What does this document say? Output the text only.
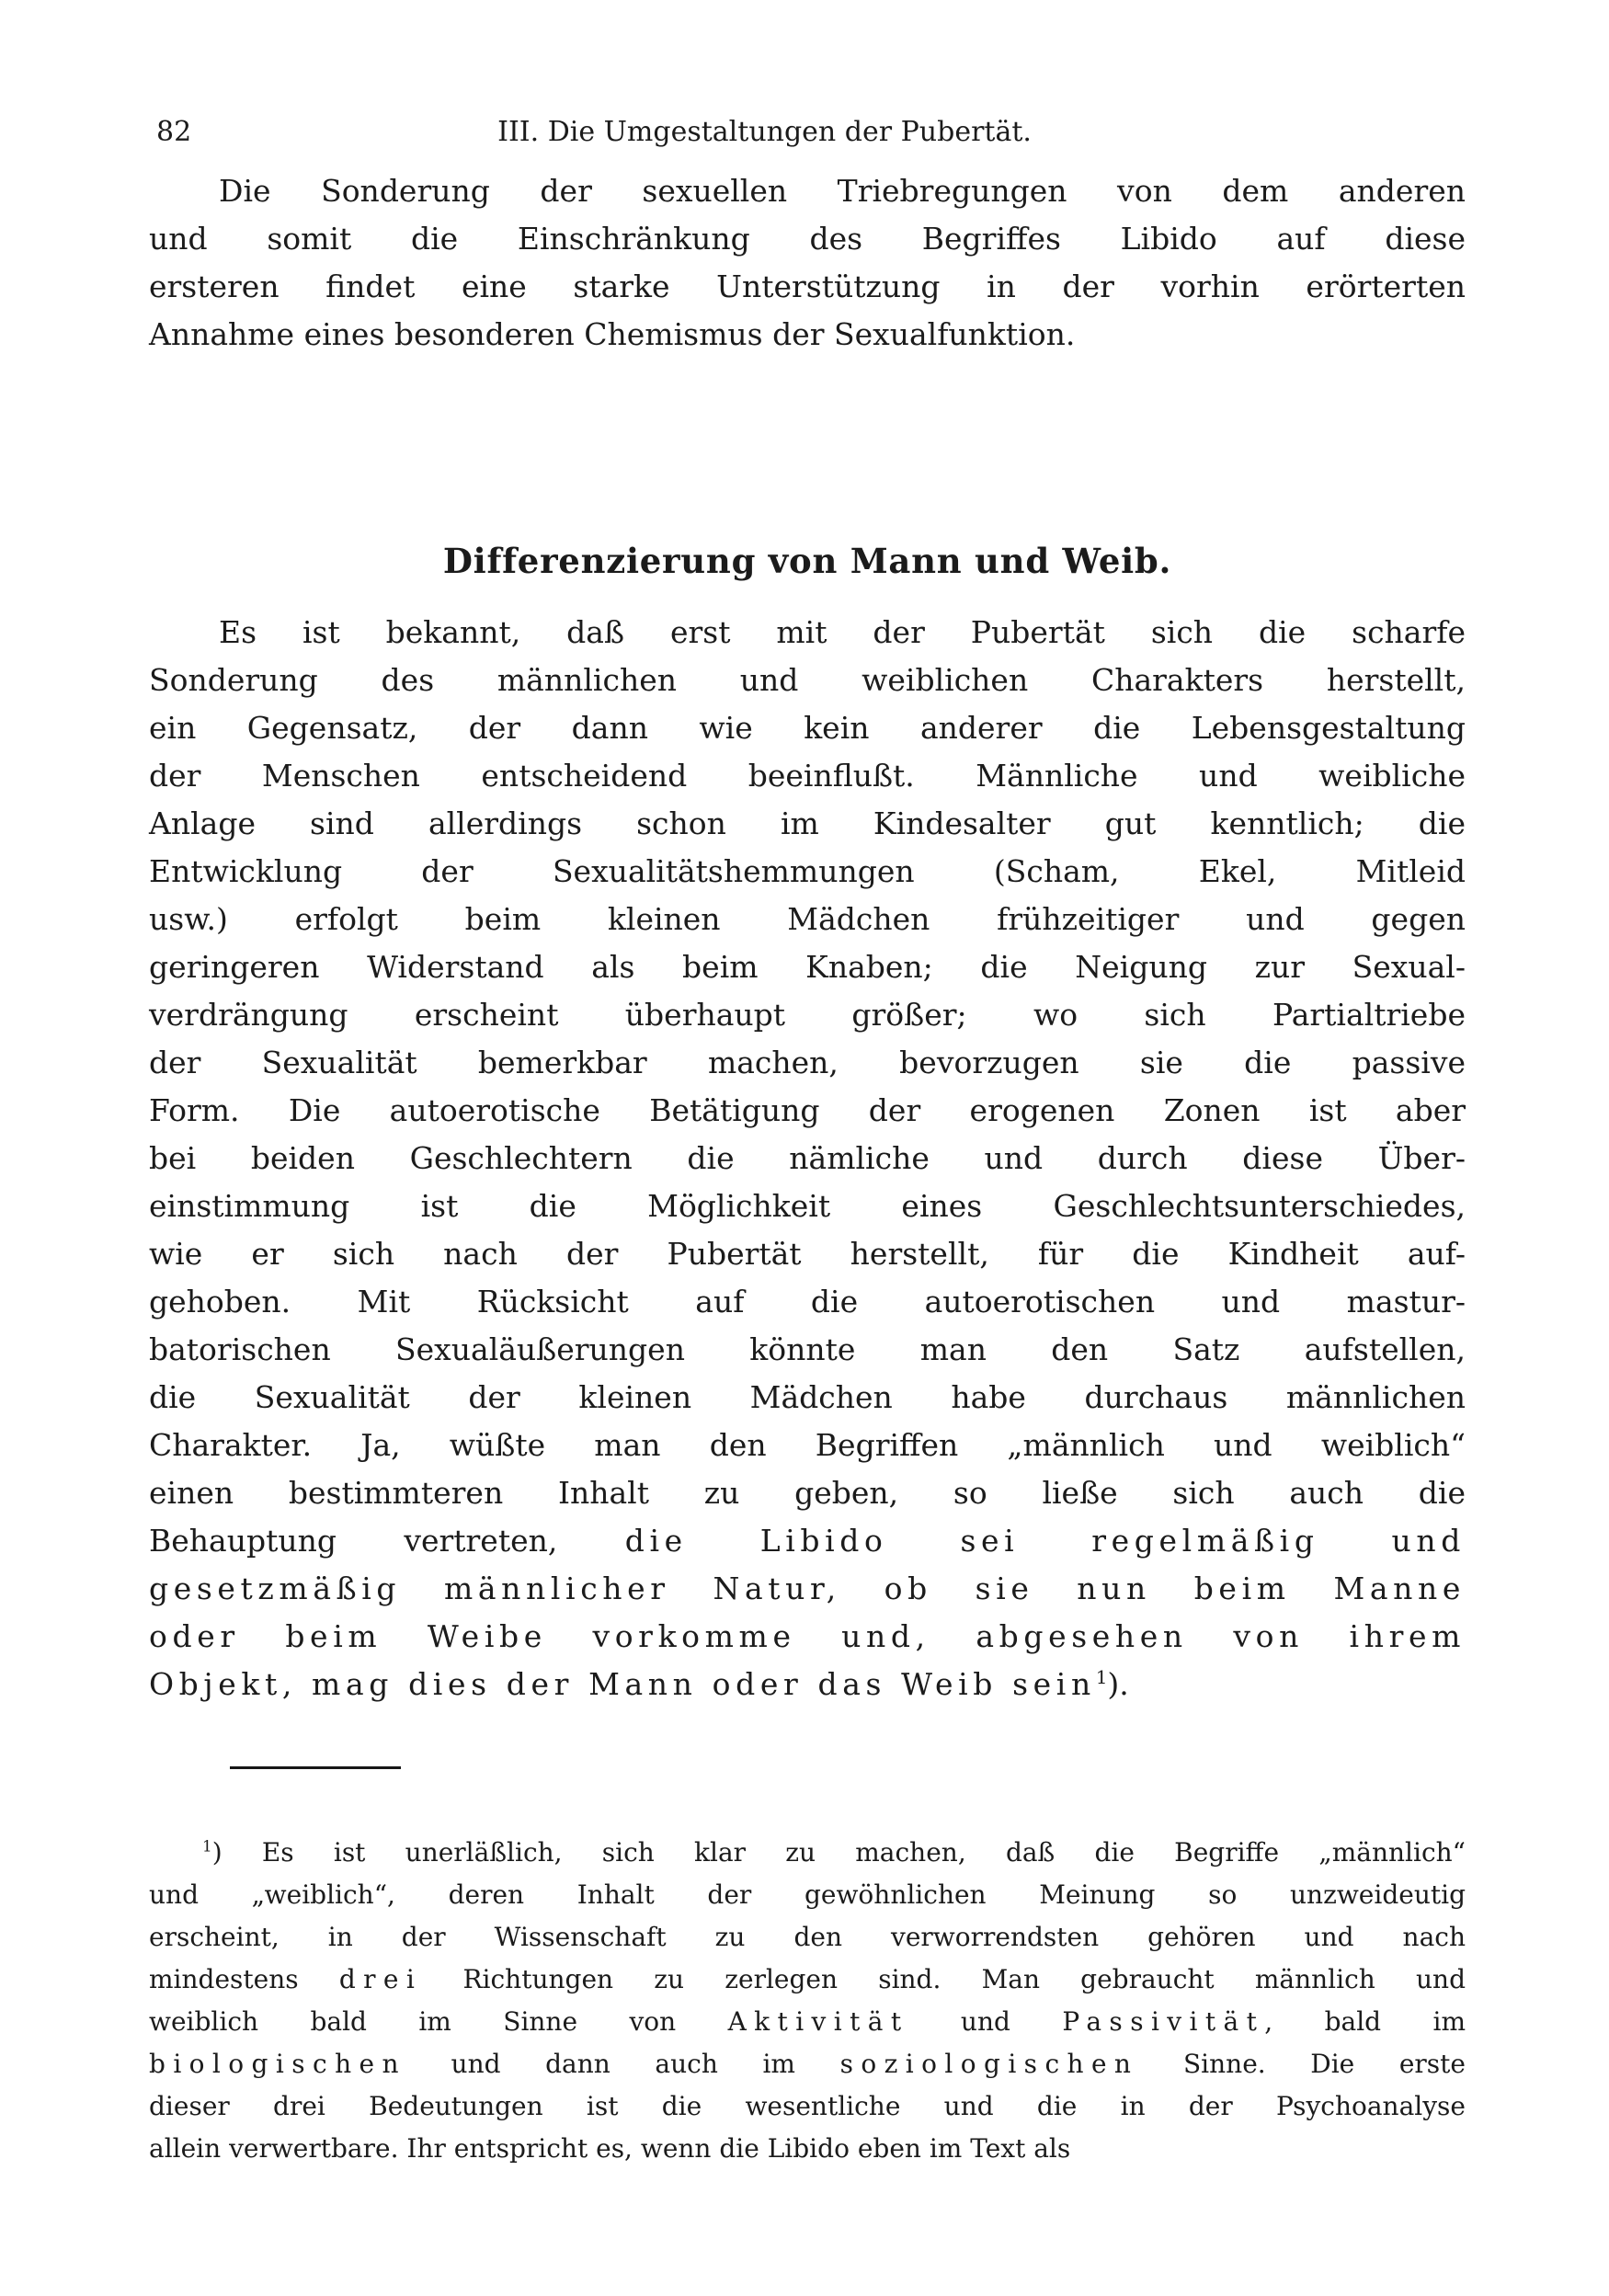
82	III. Die Umgestaltungen der Pubertät.
Die Sonderung der sexuellen Triebregungen von dem anderen
und somit die Einschränkung des Begriffes Libido auf diese
ersteren findet eine starke Unterstützung in der vorhin erörterten
Annahme eines besonderen Chemismus der Sexualfunktion.
Differenzierung von Mann und Weib.
Es ist bekannt, daß erst mit der Pubertät sich die scharfe
Sonderung des männlichen und weiblichen Charakters herstellt,
ein Gegensatz, der dann wie kein anderer die Lebensgestaltung
der Menschen entscheidend beeinflußt. Männliche und weibliche
Anlage sind allerdings schon im Kindesalter gut kenntlich; die
Entwicklung der Sexualitätshemmungen (Scham, Ekel, Mitleid
usw.) erfolgt beim kleinen Mädchen frühzeitiger und gegen
geringeren Widerstand als beim Knaben; die Neigung zur Sexual-
verdrängung erscheint überhaupt größer; wo sich Partialtriebe
der Sexualität bemerkbar machen, bevorzugen sie die passive
Form. Die autoerotische Betätigung der erogenen Zonen ist aber
bei beiden Geschlechtern die nämliche und durch diese Über-
einstimmung ist die Möglichkeit eines Geschlechtsunterschiedes,
wie er sich nach der Pubertät herstellt, für die Kindheit auf-
gehoben. Mit Rücksicht auf die autoerotischen und mastur-
batorischen Sexualäußerungen könnte man den Satz aufstellen,
die Sexualität der kleinen Mädchen habe durchaus männlichen
Charakter. Ja, wüßte man den Begriffen „männlich und weiblich“
einen bestimmteren Inhalt zu geben, so ließe sich auch die
Behauptung vertreten, die Libido sei regelmäßig und
gesetzmäßig männlicher Natur, ob sie nun beim Manne
oder beim Weibe vorkomme und, abgesehen von ihrem
Objekt, mag dies der Mann oder das Weib sein$^1$).
$^1$) Es ist unerläßlich, sich klar zu machen, daß die Begriffe „männlich“
und „weiblich“, deren Inhalt der gewöhnlichen Meinung so unzweideutig
erscheint, in der Wissenschaft zu den verworrendsten gehören und nach
mindestens drei Richtungen zu zerlegen sind. Man gebraucht männlich und
weiblich bald im Sinne von Aktivität und Passivität, bald im
biologischen und dann auch im soziologischen Sinne. Die erste
dieser drei Bedeutungen ist die wesentliche und die in der Psychoanalyse
allein verwertbare. Ihr entspricht es, wenn die Libido eben im Text als
